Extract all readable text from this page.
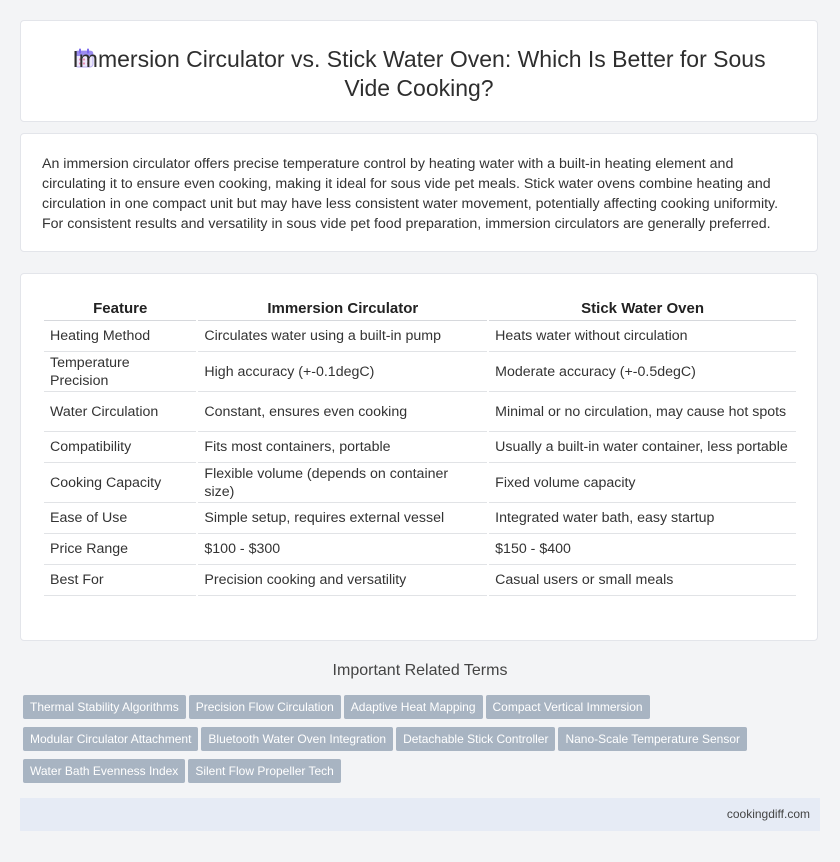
Immersion Circulator vs. Stick Water Oven: Which Is Better for Sous Vide Cooking?

An immersion circulator offers precise temperature control by heating water with a built-in heating element and circulating it to ensure even cooking, making it ideal for sous vide pet meals. Stick water ovens combine heating and circulation in one compact unit but may have less consistent water movement, potentially affecting cooking uniformity. For consistent results and versatility in sous vide pet food preparation, immersion circulators are generally preferred.

Feature	Immersion Circulator	Stick Water Oven
Heating Method	Circulates water using a built-in pump	Heats water without circulation
Temperature Precision	High accuracy (+-0.1degC)	Moderate accuracy (+-0.5degC)
Water Circulation	Constant, ensures even cooking	Minimal or no circulation, may cause hot spots
Compatibility	Fits most containers, portable	Usually a built-in water container, less portable
Cooking Capacity	Flexible volume (depends on container size)	Fixed volume capacity
Ease of Use	Simple setup, requires external vessel	Integrated water bath, easy startup
Price Range	$100 - $300	$150 - $400
Best For	Precision cooking and versatility	Casual users or small meals
Important Related Terms
Thermal Stability Algorithms Precision Flow Circulation Adaptive Heat Mapping Compact Vertical Immersion
Modular Circulator Attachment Bluetooth Water Oven Integration Detachable Stick Controller Nano-Scale Temperature Sensor
Water Bath Evenness Index Silent Flow Propeller Tech
cookingdiff.com
